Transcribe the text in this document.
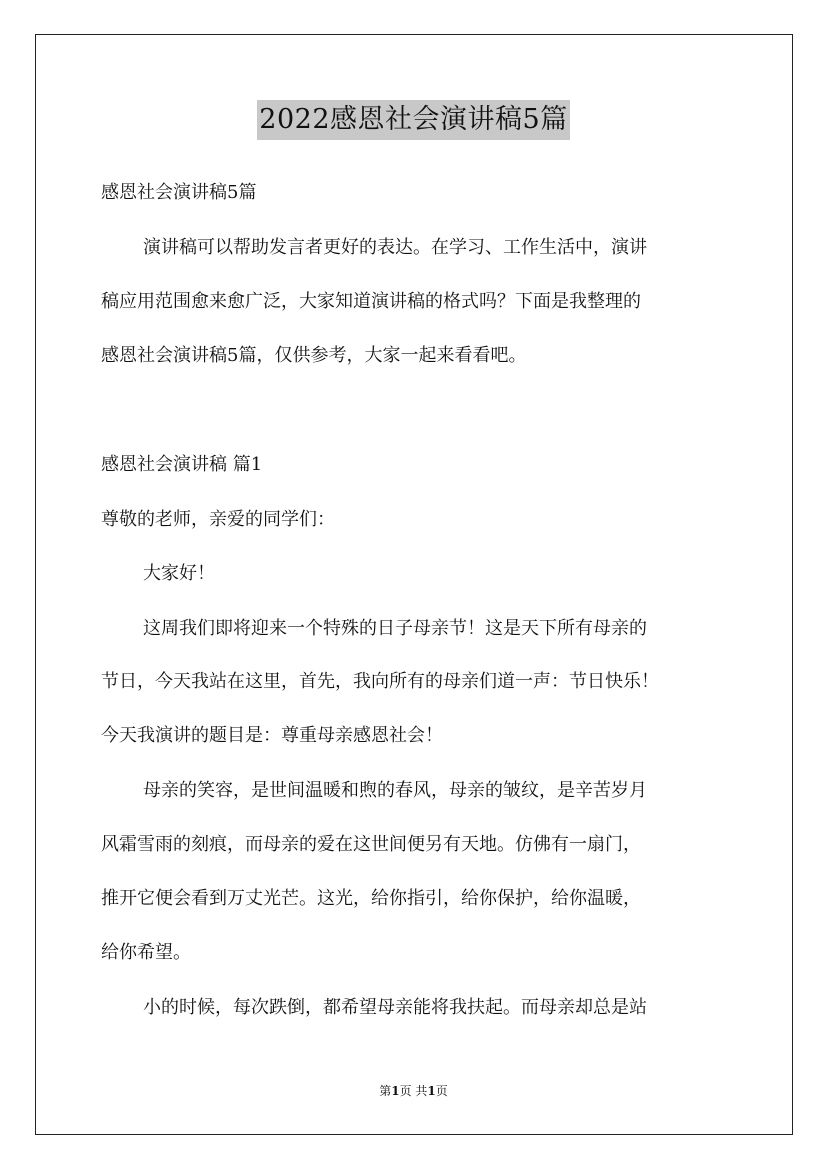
2022感恩社会演讲稿5篇
感恩社会演讲稿5篇
演讲稿可以帮助发言者更好的表达。在学习、工作生活中，演讲
稿应用范围愈来愈广泛，大家知道演讲稿的格式吗？下面是我整理的
感恩社会演讲稿5篇，仅供参考，大家一起来看看吧。
感恩社会演讲稿 篇1
尊敬的老师，亲爱的同学们：
大家好！
这周我们即将迎来一个特殊的日子母亲节！这是天下所有母亲的
节日，今天我站在这里，首先，我向所有的母亲们道一声：节日快乐！
今天我演讲的题目是：尊重母亲感恩社会！
母亲的笑容，是世间温暖和煦的春风，母亲的皱纹，是辛苦岁月
风霜雪雨的刻痕，而母亲的爱在这世间便另有天地。仿佛有一扇门，
推开它便会看到万丈光芒。这光，给你指引，给你保护，给你温暖，
给你希望。
小的时候，每次跌倒，都希望母亲能将我扶起。而母亲却总是站
第1页 共1页
